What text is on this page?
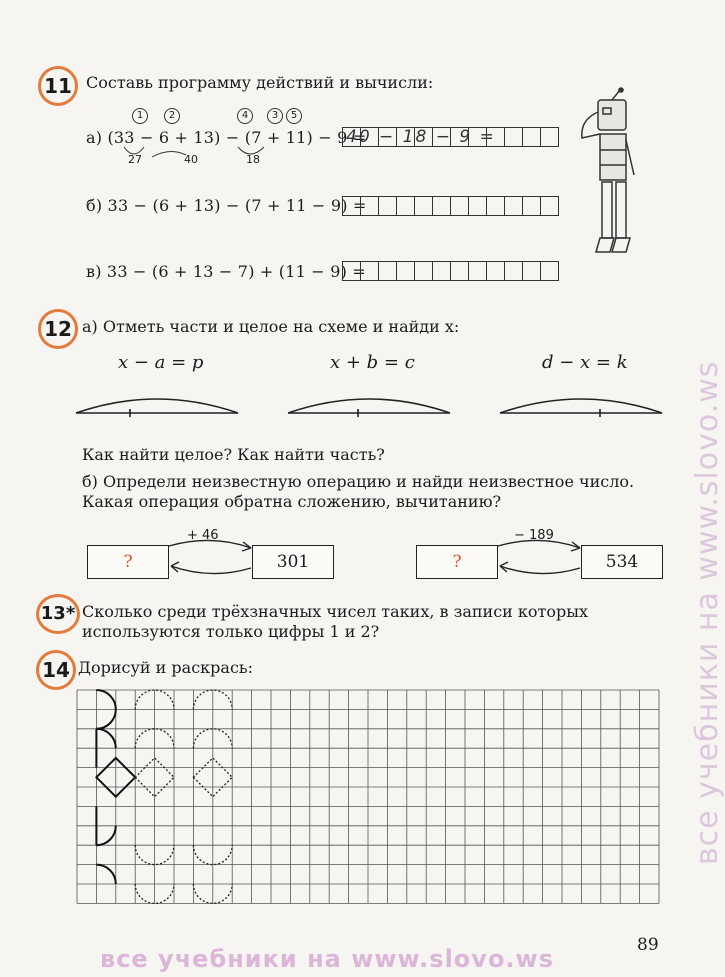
все учебники на www.slovo.ws
11 Составь программу действий и вычисли:
1	2	4	3	5
а) (33 − 6 + 13) − (7 + 11) − 9 =
40 − 18 − 9 =
27	40	18
б) 33 − (6 + 13) − (7 + 11 − 9) =
в) 33 − (6 + 13 − 7) + (11 − 9) =
12 а) Отметь части и целое на схеме и найди x:
x − a = p	x + b = c	d − x = k
Как найти целое? Как найти часть?
б) Определи неизвестную операцию и найди неизвестное число.
Какая операция обратна сложению, вычитанию?
?	301
+ 46
?	534
− 189
13* Сколько среди трёхзначных чисел таких, в записи которых
используются только цифры 1 и 2?
14 Дорисуй и раскрась:
89
все учебники на www.slovo.ws
